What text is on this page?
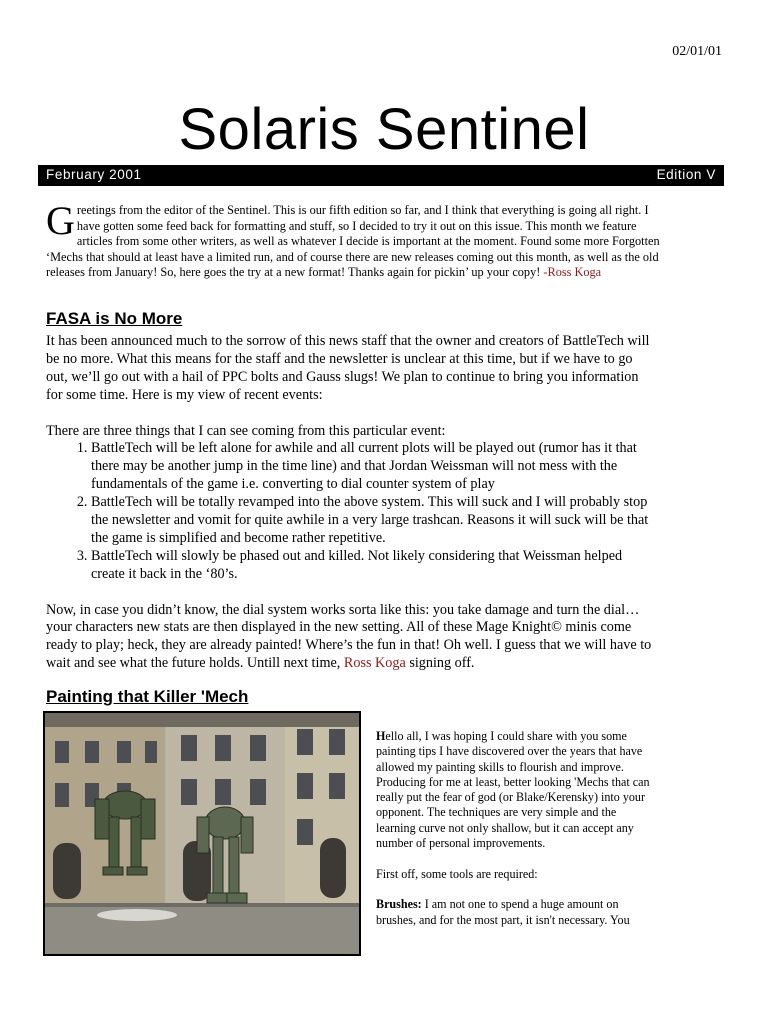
02/01/01
Solaris Sentinel
February 2001	Edition V
G reetings from the editor of the Sentinel. This is our fifth edition so far, and I think that everything is going all right. I have gotten some feed back for formatting and stuff, so I decided to try it out on this issue. This month we feature articles from some other writers, as well as whatever I decide is important at the moment. Found some more Forgotten ‘Mechs that should at least have a limited run, and of course there are new releases coming out this month, as well as the old releases from January! So, here goes the try at a new format! Thanks again for pickin’ up your copy! -Ross Koga
FASA is No More

It has been announced much to the sorrow of this news staff that the owner and creators of BattleTech will be no more. What this means for the staff and the newsletter is unclear at this time, but if we have to go out, we’ll go out with a hail of PPC bolts and Gauss slugs! We plan to continue to bring you information for some time. Here is my view of recent events:

There are three things that I can see coming from this particular event:

1. BattleTech will be left alone for awhile and all current plots will be played out (rumor has it that there may be another jump in the time line) and that Jordan Weissman will not mess with the fundamentals of the game i.e. converting to dial counter system of play
2. BattleTech will be totally revamped into the above system. This will suck and I will probably stop the newsletter and vomit for quite awhile in a very large trashcan. Reasons it will suck will be that the game is simplified and become rather repetitive.
3. BattleTech will slowly be phased out and killed. Not likely considering that Weissman helped create it back in the ‘80’s.

Now, in case you didn’t know, the dial system works sorta like this: you take damage and turn the dial… your characters new stats are then displayed in the new setting. All of these Mage Knight© minis come ready to play; heck, they are already painted! Where’s the fun in that! Oh well. I guess that we will have to wait and see what the future holds. Untill next time, Ross Koga signing off.

Painting that Killer 'Mech

Hello all, I was hoping I could share with you some painting tips I have discovered over the years that have allowed my painting skills to flourish and improve. Producing for me at least, better looking 'Mechs that can really put the fear of god (or Blake/Kerensky) into your opponent. The techniques are very simple and the learning curve not only shallow, but it can accept any number of personal improvements.

First off, some tools are required:

Brushes: I am not one to spend a huge amount on brushes, and for the most part, it isn't necessary. You
